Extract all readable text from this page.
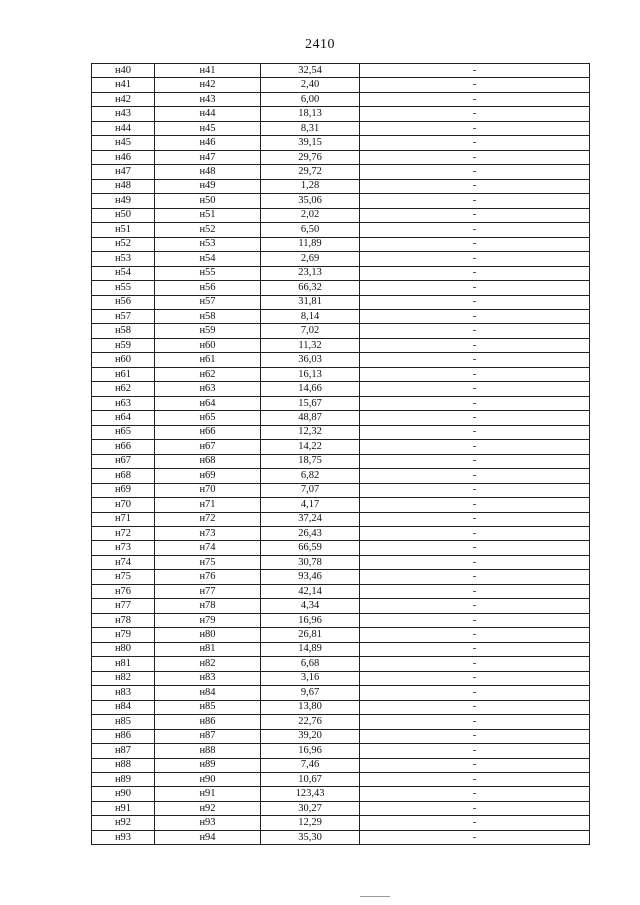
2410
н40	н41	32,54	-
н41	н42	2,40	-
н42	н43	6,00	-
н43	н44	18,13	-
н44	н45	8,31	-
н45	н46	39,15	-
н46	н47	29,76	-
н47	н48	29,72	-
н48	н49	1,28	-
н49	н50	35,06	-
н50	н51	2,02	-
н51	н52	6,50	-
н52	н53	11,89	-
н53	н54	2,69	-
н54	н55	23,13	-
н55	н56	66,32	-
н56	н57	31,81	-
н57	н58	8,14	-
н58	н59	7,02	-
н59	н60	11,32	-
н60	н61	36,03	-
н61	н62	16,13	-
н62	н63	14,66	-
н63	н64	15,67	-
н64	н65	48,87	-
н65	н66	12,32	-
н66	н67	14,22	-
н67	н68	18,75	-
н68	н69	6,82	-
н69	н70	7,07	-
н70	н71	4,17	-
н71	н72	37,24	-
н72	н73	26,43	-
н73	н74	66,59	-
н74	н75	30,78	-
н75	н76	93,46	-
н76	н77	42,14	-
н77	н78	4,34	-
н78	н79	16,96	-
н79	н80	26,81	-
н80	н81	14,89	-
н81	н82	6,68	-
н82	н83	3,16	-
н83	н84	9,67	-
н84	н85	13,80	-
н85	н86	22,76	-
н86	н87	39,20	-
н87	н88	16,96	-
н88	н89	7,46	-
н89	н90	10,67	-
н90	н91	123,43	-
н91	н92	30,27	-
н92	н93	12,29	-
н93	н94	35,30	-
